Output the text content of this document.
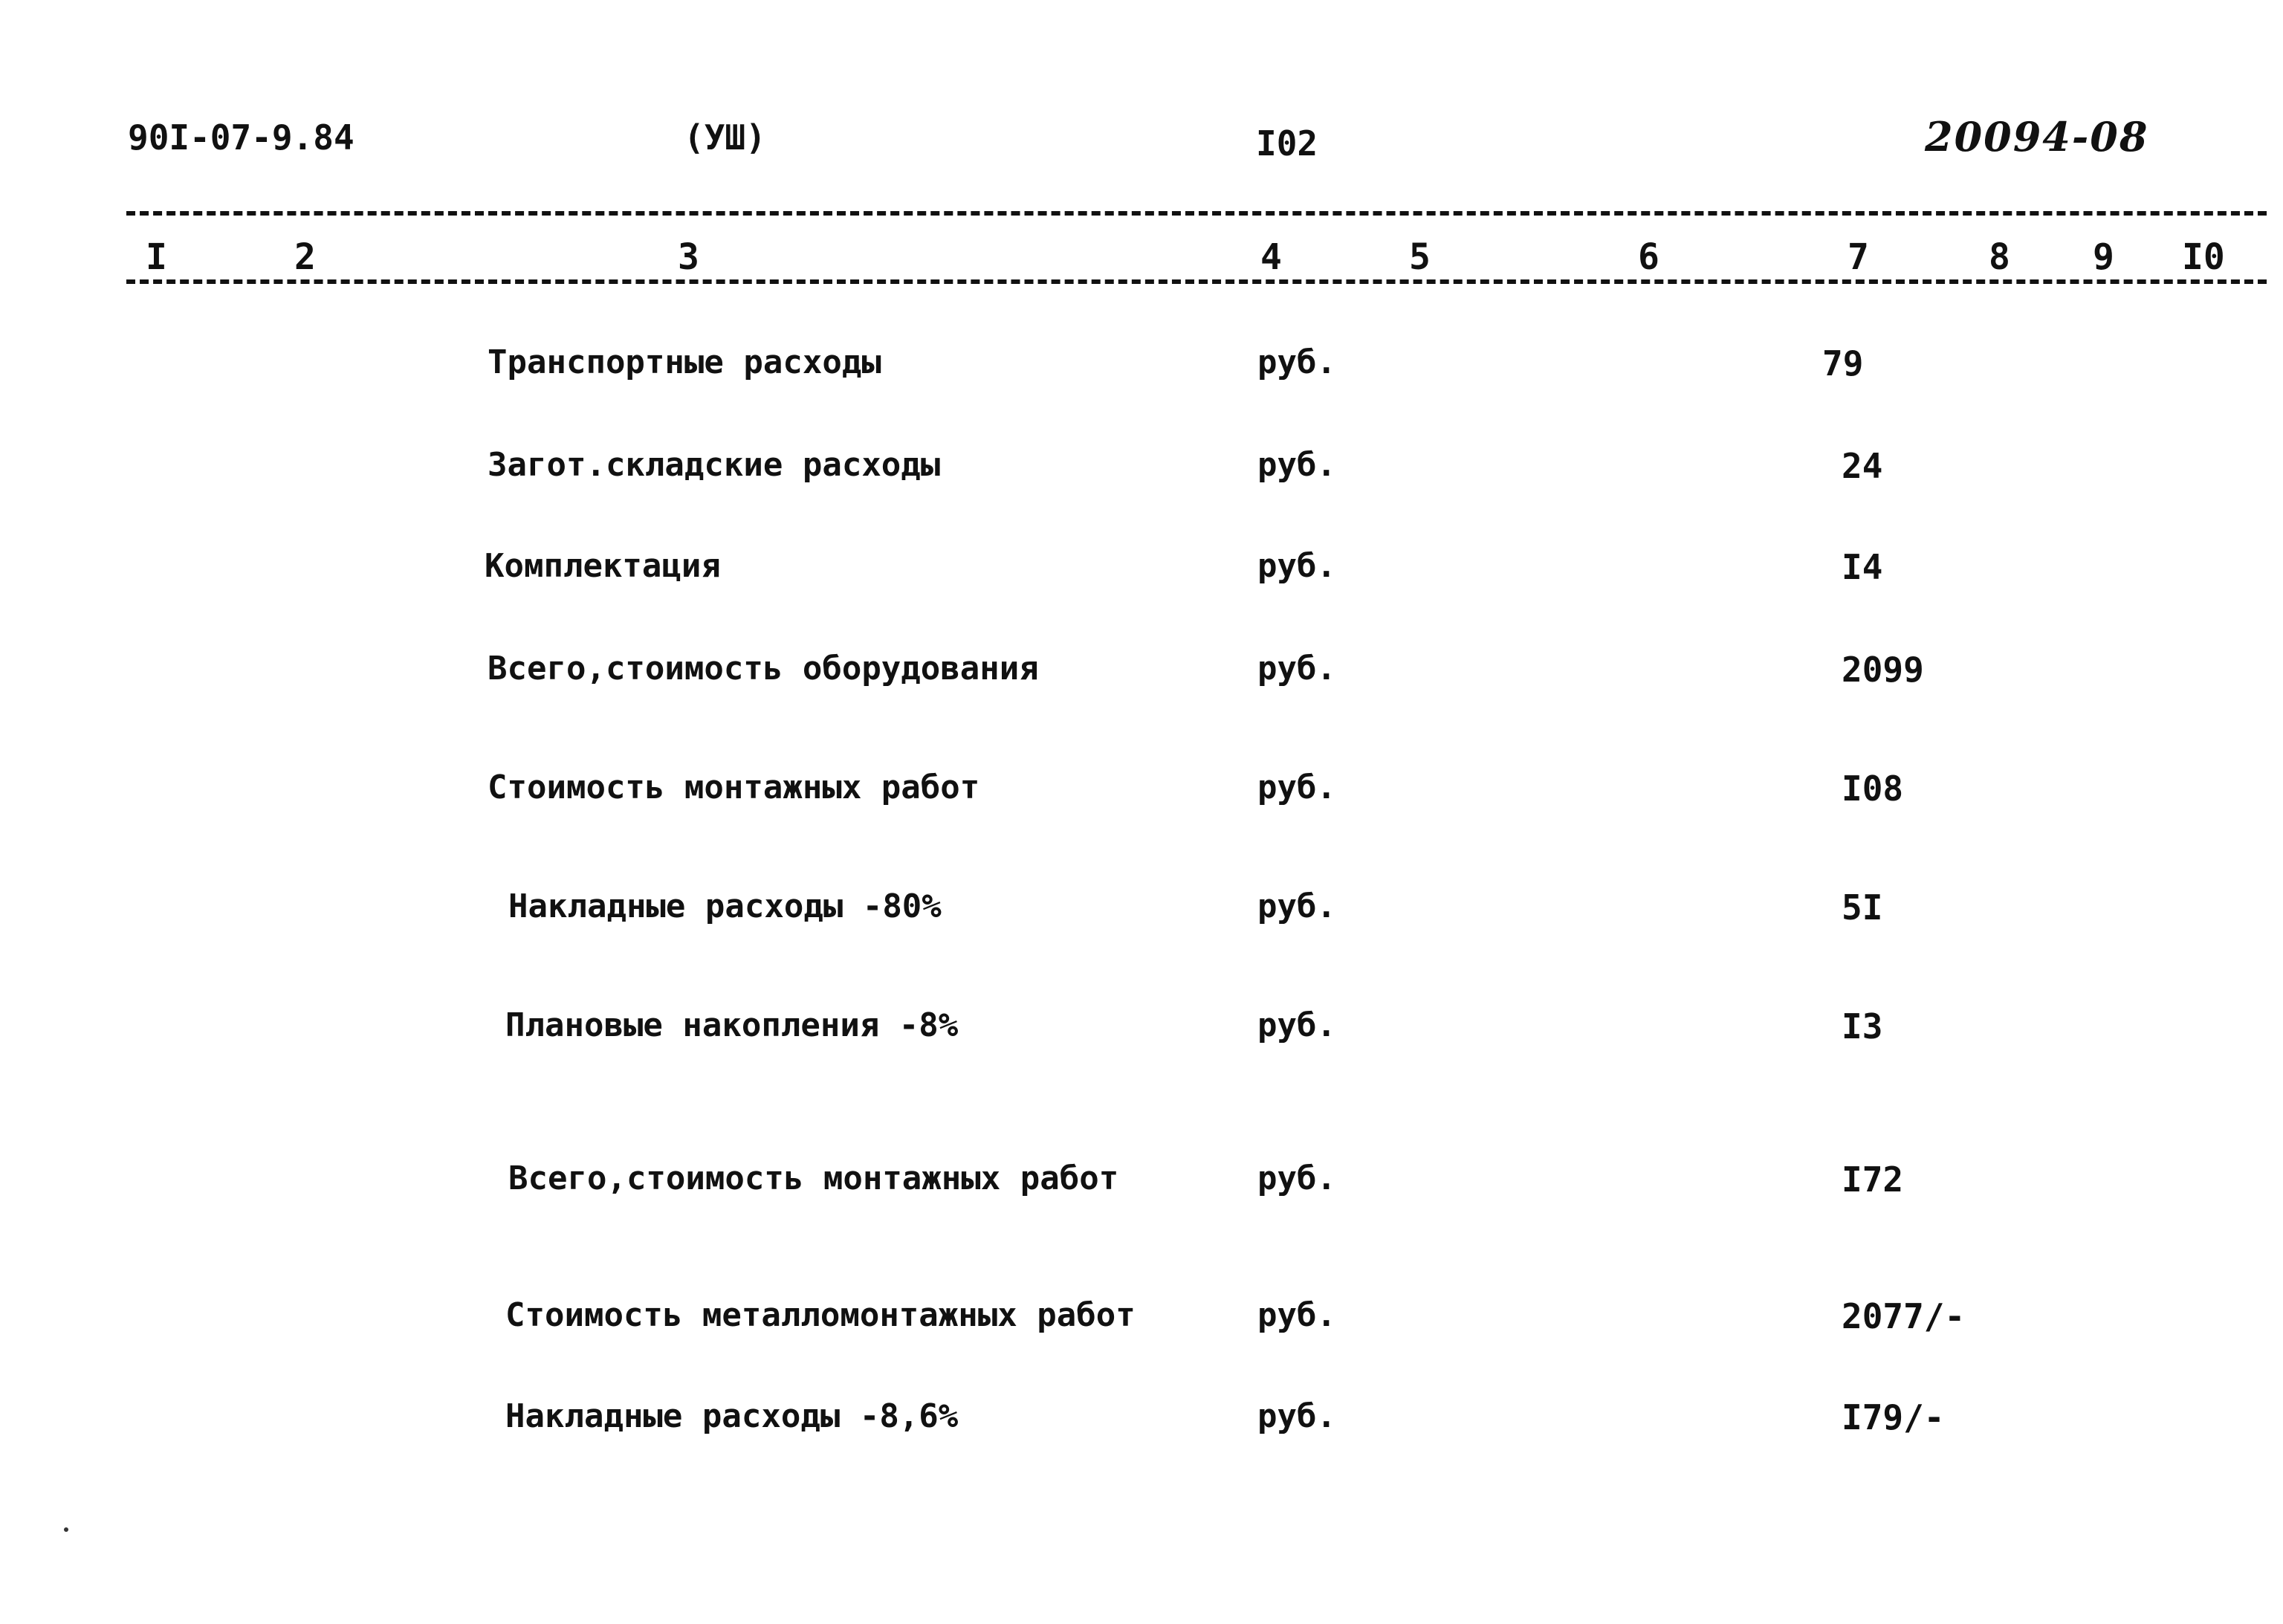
90I-07-9.84	(УШ)	I02	20094-08
I	2	3	4	5	6	7	8 9 I0
Транспортные расходы	руб.	79
Загот.складские расходы	руб.	24
Комплектация	руб.	I4
Всего,стоимость оборудования	руб.	2099
Стоимость монтажных работ	руб.	I08
Накладные расходы -80%	руб.	5I
Плановые накопления -8%	руб.	I3
Всего,стоимость монтажных работ	руб.	I72
Стоимость металломонтажных работ	руб.	2077/-
Накладные расходы -8,6%	руб.	I79/-
